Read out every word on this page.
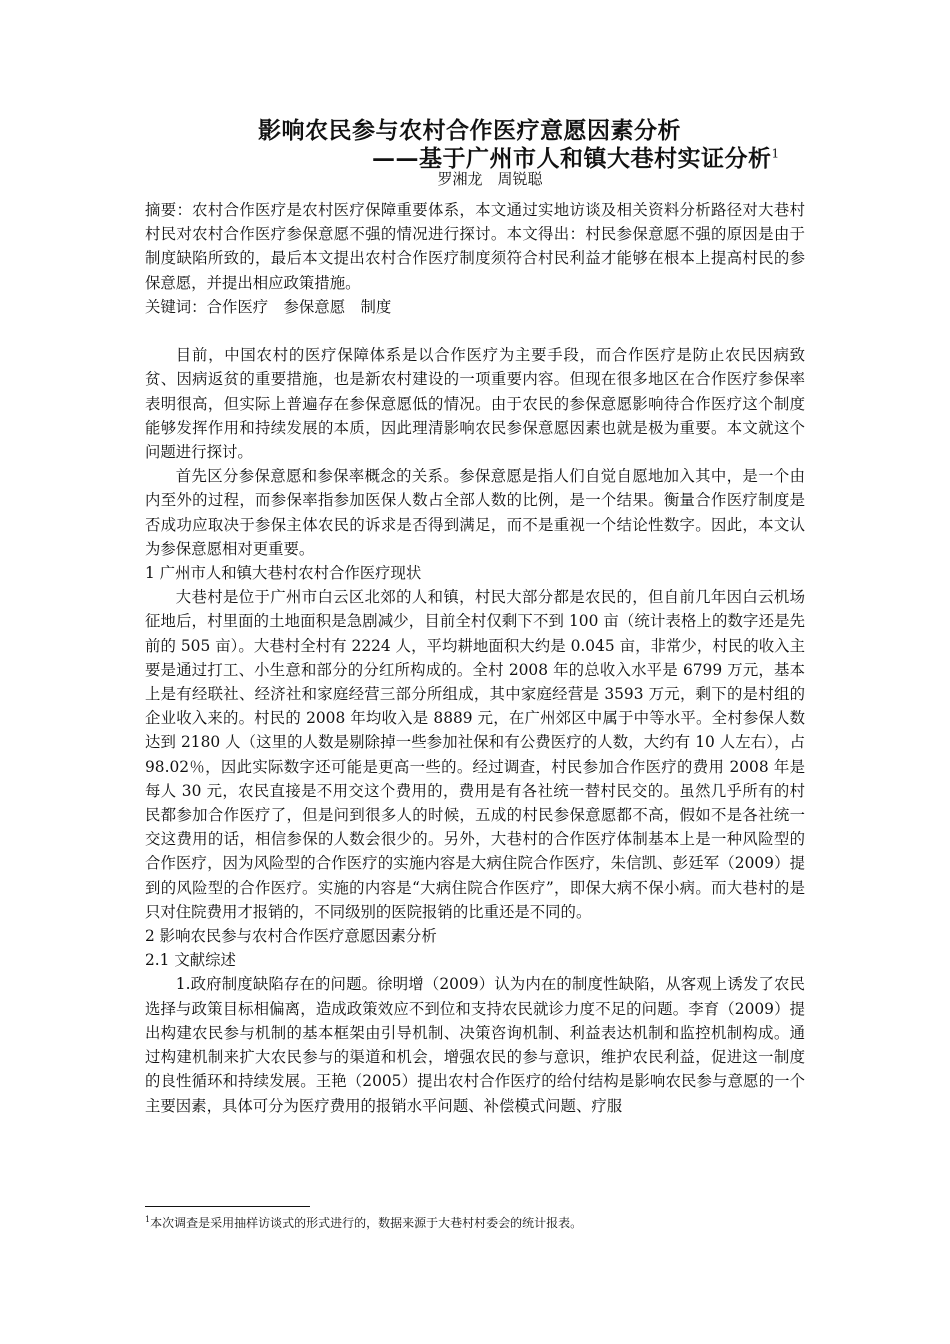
影响农民参与农村合作医疗意愿因素分析
——基于广州市人和镇大巷村实证分析$^1$
罗湘龙　周锐聪

摘要：农村合作医疗是农村医疗保障重要体系，本文通过实地访谈及相关资料分析路径对大巷村村民对农村合作医疗参保意愿不强的情况进行探讨。本文得出：村民参保意愿不强的原因是由于制度缺陷所致的，最后本文提出农村合作医疗制度须符合村民利益才能够在根本上提高村民的参保意愿，并提出相应政策措施。

关键词：合作医疗　参保意愿　制度

目前，中国农村的医疗保障体系是以合作医疗为主要手段，而合作医疗是防止农民因病致贫、因病返贫的重要措施，也是新农村建设的一项重要内容。但现在很多地区在合作医疗参保率表明很高，但实际上普遍存在参保意愿低的情况。由于农民的参保意愿影响待合作医疗这个制度能够发挥作用和持续发展的本质，因此理清影响农民参保意愿因素也就是极为重要。本文就这个问题进行探讨。

首先区分参保意愿和参保率概念的关系。参保意愿是指人们自觉自愿地加入其中，是一个由内至外的过程，而参保率指参加医保人数占全部人数的比例，是一个结果。衡量合作医疗制度是否成功应取决于参保主体农民的诉求是否得到满足，而不是重视一个结论性数字。因此，本文认为参保意愿相对更重要。

1 广州市人和镇大巷村农村合作医疗现状

大巷村是位于广州市白云区北郊的人和镇，村民大部分都是农民的，但自前几年因白云机场征地后，村里面的土地面积是急剧减少，目前全村仅剩下不到 100 亩（统计表格上的数字还是先前的 505 亩）。大巷村全村有 2224 人，平均耕地面积大约是 0.045 亩，非常少，村民的收入主要是通过打工、小生意和部分的分红所构成的。全村 2008 年的总收入水平是 6799 万元，基本上是有经联社、经济社和家庭经营三部分所组成，其中家庭经营是 3593 万元，剩下的是村组的企业收入来的。村民的 2008 年均收入是 8889 元，在广州郊区中属于中等水平。全村参保人数达到 2180 人（这里的人数是剔除掉一些参加社保和有公费医疗的人数，大约有 10 人左右），占 98.02％，因此实际数字还可能是更高一些的。经过调查，村民参加合作医疗的费用 2008 年是每人 30 元，农民直接是不用交这个费用的，费用是有各社统一替村民交的。虽然几乎所有的村民都参加合作医疗了，但是问到很多人的时候，五成的村民参保意愿都不高，假如不是各社统一交这费用的话，相信参保的人数会很少的。另外，大巷村的合作医疗体制基本上是一种风险型的合作医疗，因为风险型的合作医疗的实施内容是大病住院合作医疗，朱信凯、彭廷军（2009）提到的风险型的合作医疗。实施的内容是“大病住院合作医疗”，即保大病不保小病。而大巷村的是只对住院费用才报销的，不同级别的医院报销的比重还是不同的。

2 影响农民参与农村合作医疗意愿因素分析

2.1 文献综述

1.政府制度缺陷存在的问题。徐明增（2009）认为内在的制度性缺陷，从客观上诱发了农民选择与政策目标相偏离，造成政策效应不到位和支持农民就诊力度不足的问题。李育（2009）提出构建农民参与机制的基本框架由引导机制、决策咨询机制、利益表达机制和监控机制构成。通过构建机制来扩大农民参与的渠道和机会，增强农民的参与意识，维护农民利益，促进这一制度的良性循环和持续发展。王艳（2005）提出农村合作医疗的给付结构是影响农民参与意愿的一个主要因素，具体可分为医疗费用的报销水平问题、补偿模式问题、疗服

$^1$本次调查是采用抽样访谈式的形式进行的，数据来源于大巷村村委会的统计报表。
